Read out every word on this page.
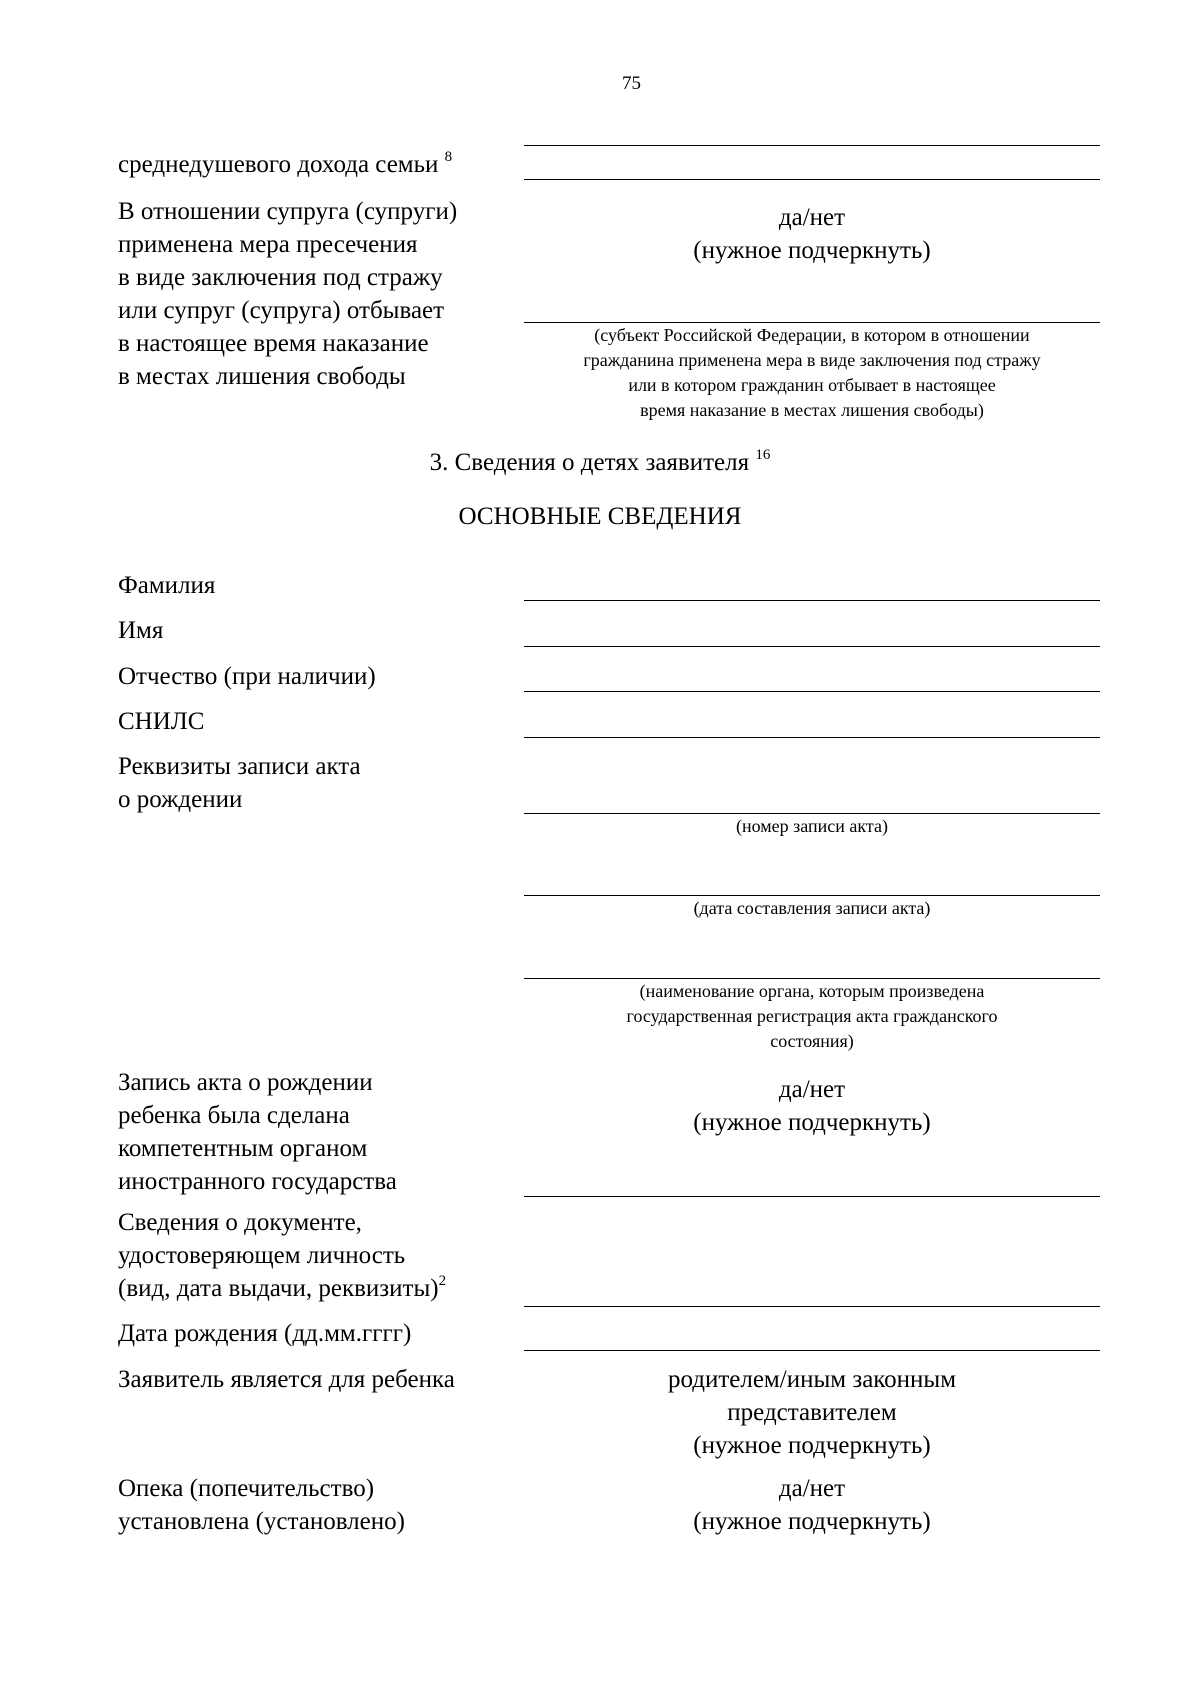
75
среднедушевого дохода семьи $^8$
В отношении супруга (супруги)
применена мера пресечения
в виде заключения под стражу
или супруг (супруга) отбывает
в настоящее время наказание
в местах лишения свободы
да/нет
(нужное подчеркнуть)
(субъект Российской Федерации, в котором в отношении
гражданина применена мера в виде заключения под стражу
или в котором гражданин отбывает в настоящее
время наказание в местах лишения свободы)
3. Сведения о детях заявителя $^{16}$
ОСНОВНЫЕ СВЕДЕНИЯ
Фамилия
Имя
Отчество (при наличии)
СНИЛС
Реквизиты записи акта
о рождении
(номер записи акта)
(дата составления записи акта)
(наименование органа, которым произведена
государственная регистрация акта гражданского
состояния)
Запись акта о рождении
ребенка была сделана
компетентным органом
иностранного государства
да/нет
(нужное подчеркнуть)
Сведения о документе,
удостоверяющем личность
(вид, дата выдачи, реквизиты)$^2$
Дата рождения (дд.мм.гггг)
Заявитель является для ребенка	родителем/иным законным
представителем
(нужное подчеркнуть)
Опека (попечительство)
установлена (установлено)
да/нет
(нужное подчеркнуть)
